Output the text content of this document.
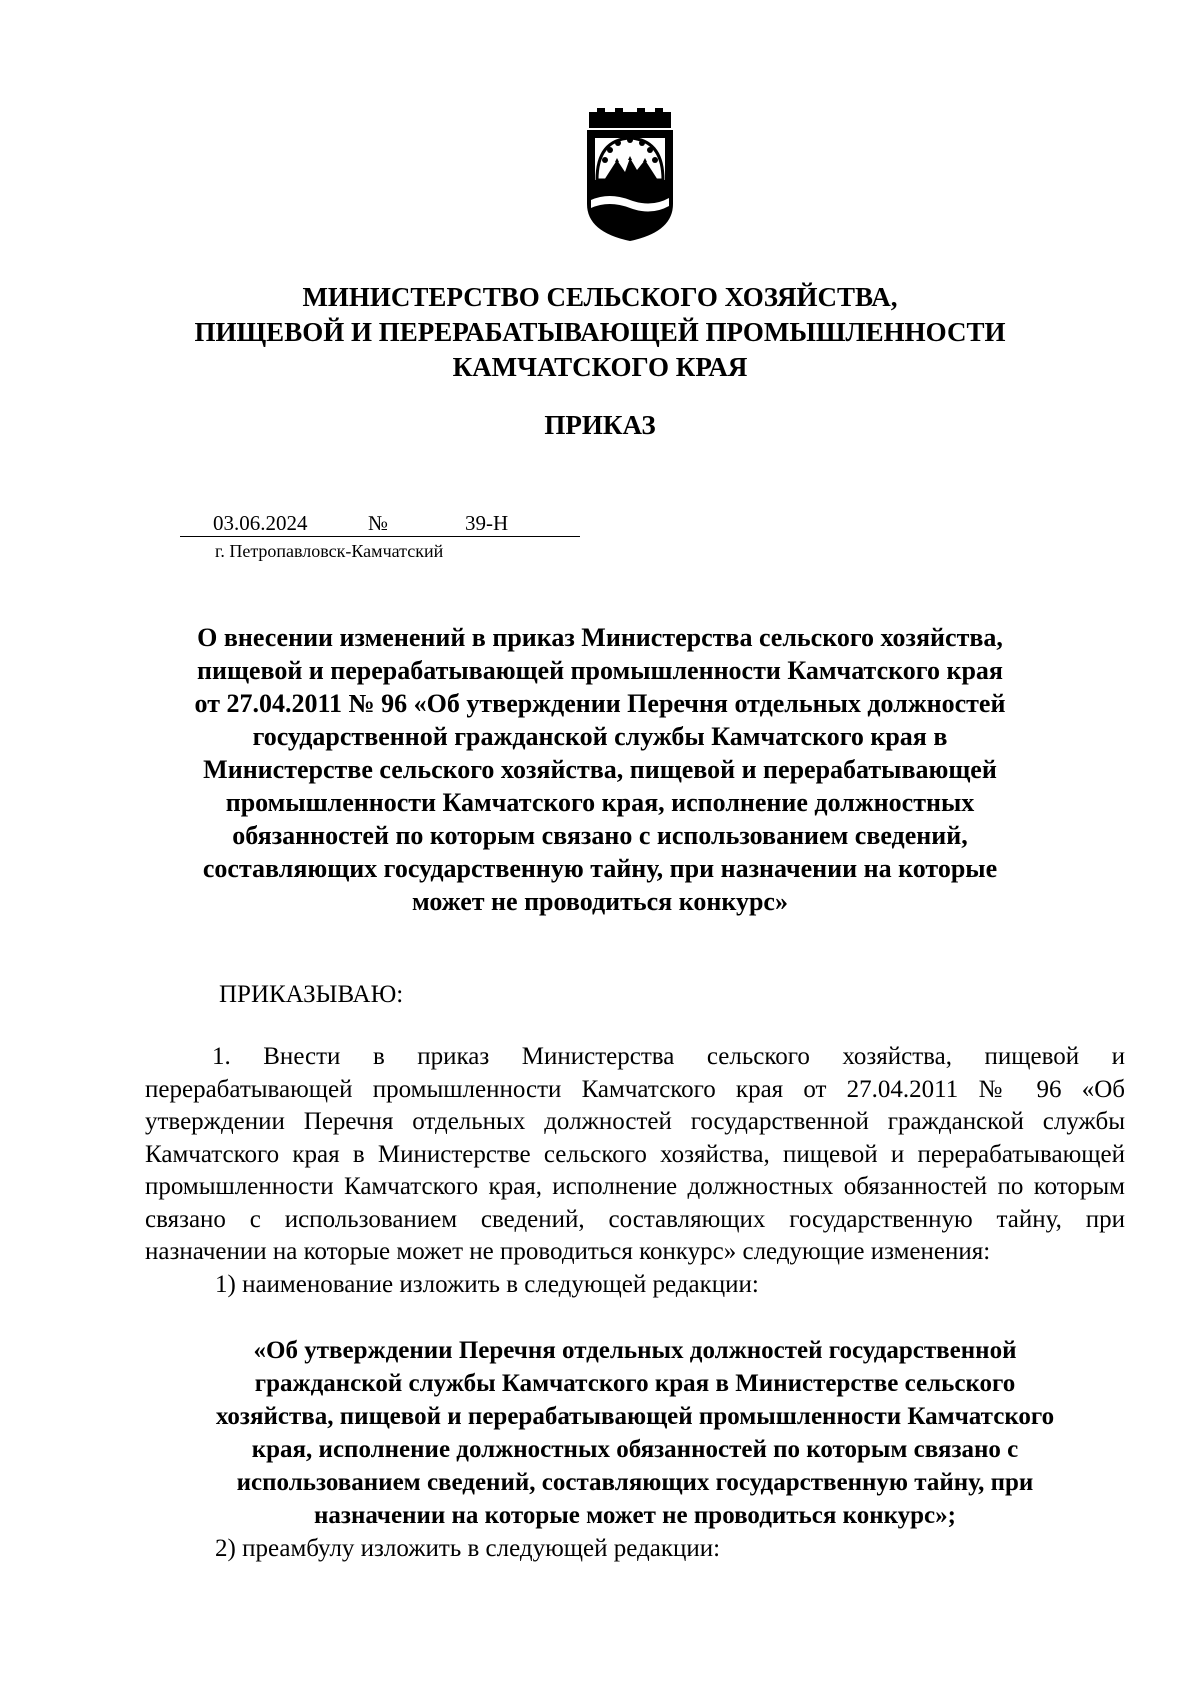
МИНИСТЕРСТВО СЕЛЬСКОГО ХОЗЯЙСТВА,
ПИЩЕВОЙ И ПЕРЕРАБАТЫВАЮЩЕЙ ПРОМЫШЛЕННОСТИ
КАМЧАТСКОГО КРАЯ
ПРИКАЗ
03.06.2024	№	39-Н
г. Петропавловск-Камчатский
О внесении изменений в приказ Министерства сельского хозяйства,
пищевой и перерабатывающей промышленности Камчатского края
от 27.04.2011 № 96 «Об утверждении Перечня отдельных должностей
государственной гражданской службы Камчатского края в
Министерстве сельского хозяйства, пищевой и перерабатывающей
промышленности Камчатского края, исполнение должностных
обязанностей по которым связано с использованием сведений,
составляющих государственную тайну, при назначении на которые
может не проводиться конкурс»
ПРИКАЗЫВАЮ:

1. Внести в приказ Министерства сельского хозяйства, пищевой и перерабатывающей промышленности Камчатского края от 27.04.2011 № 96 «Об утверждении Перечня отдельных должностей государственной гражданской службы Камчатского края в Министерстве сельского хозяйства, пищевой и перерабатывающей промышленности Камчатского края, исполнение должностных обязанностей по которым связано с использованием сведений, составляющих государственную тайну, при назначении на которые может не проводиться конкурс» следующие изменения:

1) наименование изложить в следующей редакции:

«Об утверждении Перечня отдельных должностей государственной
гражданской службы Камчатского края в Министерстве сельского
хозяйства, пищевой и перерабатывающей промышленности Камчатского
края, исполнение должностных обязанностей по которым связано с
использованием сведений, составляющих государственную тайну, при
назначении на которые может не проводиться конкурс»;

2) преамбулу изложить в следующей редакции:
